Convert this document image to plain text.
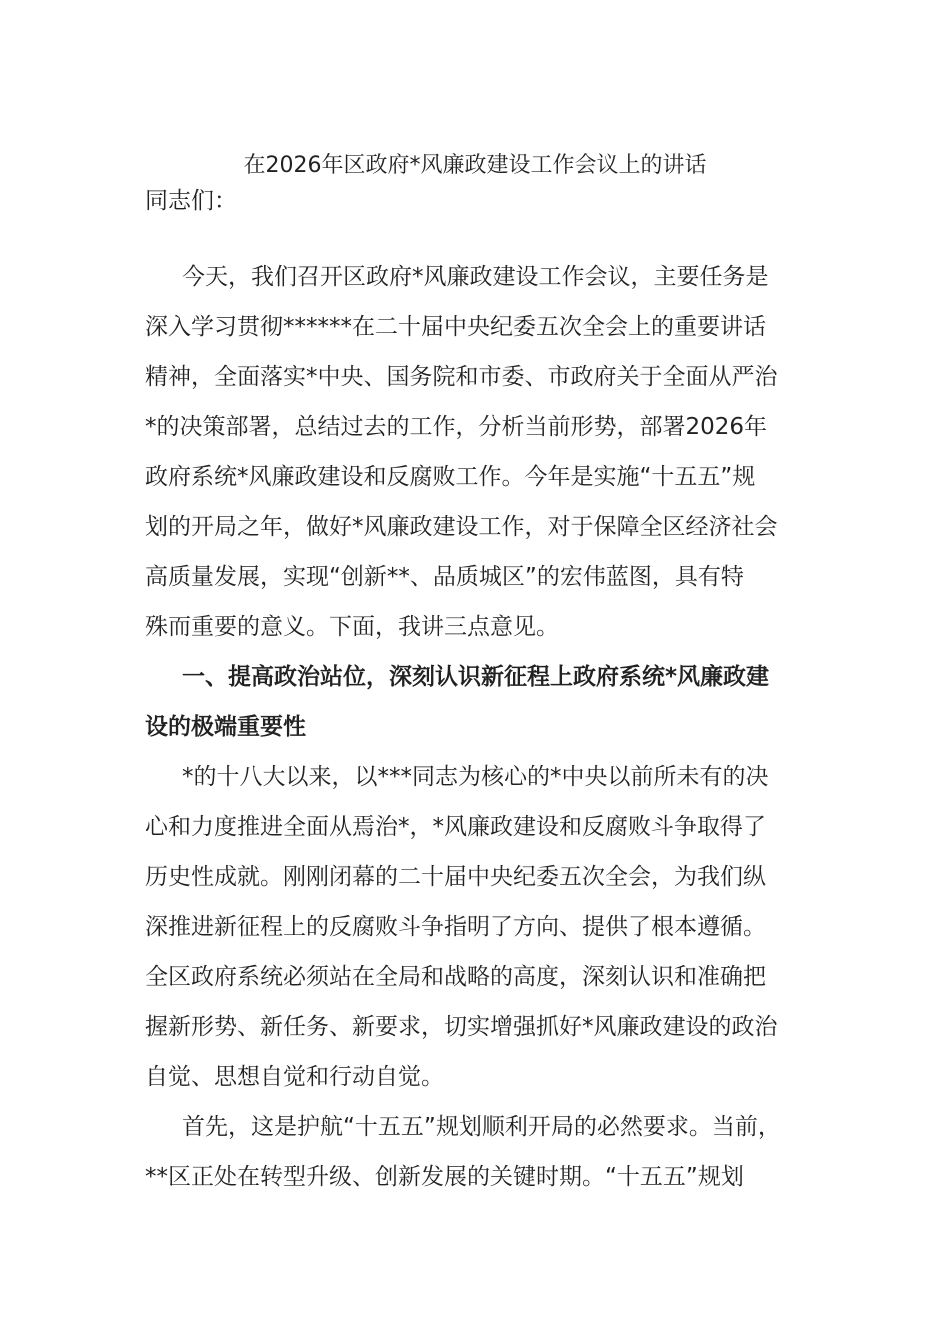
在2026年区政府*风廉政建设工作会议上的讲话

同志们：

今天，我们召开区政府*风廉政建设工作会议，主要任务是
深入学习贯彻******在二十届中央纪委五次全会上的重要讲话
精神，全面落实*中央、国务院和市委、市政府关于全面从严治
*的决策部署，总结过去的工作，分析当前形势，部署2026年
政府系统*风廉政建设和反腐败工作。今年是实施“十五五”规
划的开局之年，做好*风廉政建设工作，对于保障全区经济社会
高质量发展，实现“创新**、品质城区”的宏伟蓝图，具有特
殊而重要的意义。下面，我讲三点意见。

一、提高政治站位，深刻认识新征程上政府系统*风廉政建
设的极端重要性

*的十八大以来，以***同志为核心的*中央以前所未有的决
心和力度推进全面从焉治*，*风廉政建设和反腐败斗争取得了
历史性成就。刚刚闭幕的二十届中央纪委五次全会，为我们纵
深推进新征程上的反腐败斗争指明了方向、提供了根本遵循。
全区政府系统必须站在全局和战略的高度，深刻认识和准确把
握新形势、新任务、新要求，切实增强抓好*风廉政建设的政治
自觉、思想自觉和行动自觉。

首先，这是护航“十五五”规划顺利开局的必然要求。当前，
**区正处在转型升级、创新发展的关键时期。“十五五”规划
